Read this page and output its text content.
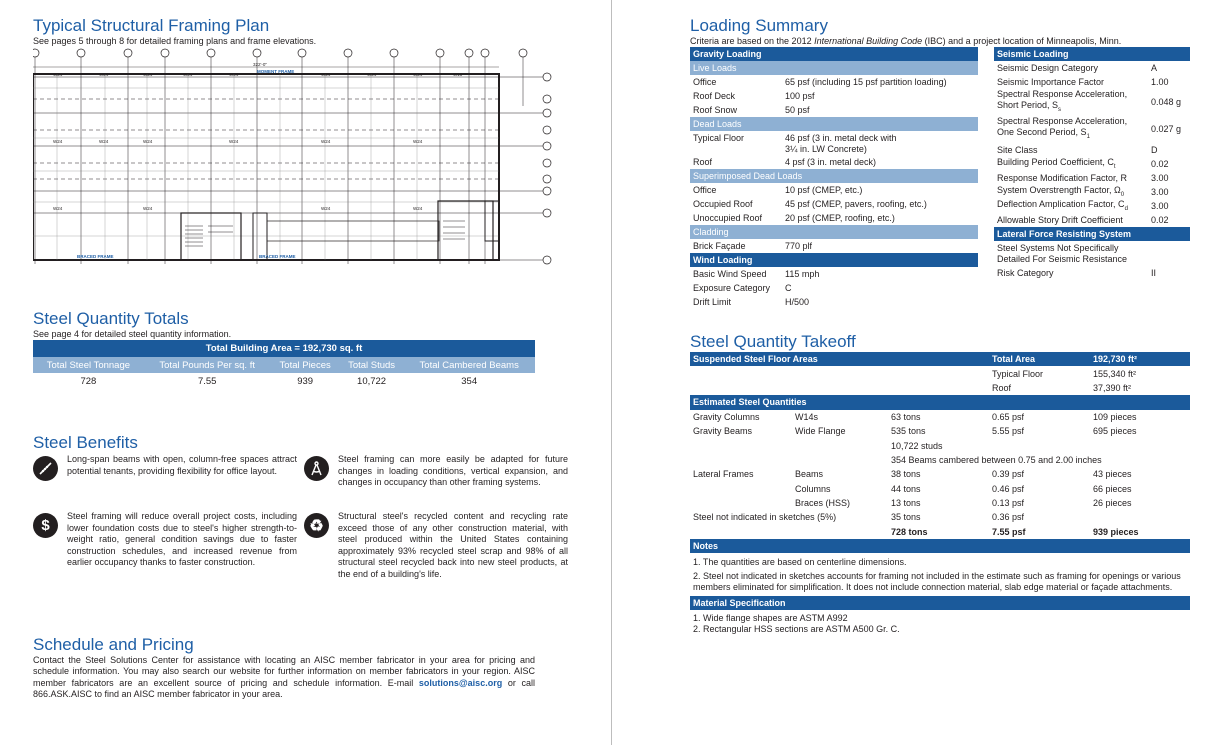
Typical Structural Framing Plan

See pages 5 through 8 for detailed framing plans and frame elevations.

322'-0"
MOMENT FRAME
BRACED FRAME	BRACED FRAME
W24	W24	W24	W24	W24	W24	W24	W24	W18
W24	W24	W24	W24	W24	W24
W24	W24	W24	W24
Steel Quantity Totals

See page 4 for detailed steel quantity information.

Total Building Area = 192,730 sq. ft				
Total Steel Tonnage	Total Pounds Per sq. ft	Total Pieces	Total Studs	Total Cambered Beams
728	7.55	939	10,722	354
Steel Benefits
Long-span beams with open, column-free spaces attract potential tenants, providing flexibility for office layout.
Steel framing can more easily be adapted for future changes in loading conditions, vertical expansion, and changes in occupancy than other framing systems.
$
Steel framing will reduce overall project costs, including lower foundation costs due to steel's higher strength-to-weight ratio, general condition savings due to faster construction schedules, and increased revenue from earlier occupancy thanks to faster construction.
♻
Structural steel's recycled content and recycling rate exceed those of any other construction material, with steel produced within the United States containing approximately 93% recycled steel scrap and 98% of all structural steel recycled back into new steel products, at the end of a building's life.
Schedule and Pricing
Contact the Steel Solutions Center for assistance with locating an AISC member fabricator in your area for pricing and schedule information. You may also search our website for further information on member fabricators in your region. AISC member fabricators are an excellent source of pricing and schedule information. E-mail solutions@aisc.org or call 866.ASK.AISC to find an AISC member fabricator in your area.
Loading Summary

Criteria are based on the 2012 International Building Code (IBC) and a project location of Minneapolis, Minn.

Gravity Loading	
Live Loads	
Office	65 psf (including 15 psf partition loading)
Roof Deck	100 psf
Roof Snow	50 psf
Dead Loads	
Typical Floor	46 psf (3 in. metal deck with
3¼ in. LW Concrete)

Roof	4 psf (3 in. metal deck)
Superimposed Dead Loads	
Office	10 psf (CMEP, etc.)
Occupied Roof	45 psf (CMEP, pavers, roofing, etc.)
Unoccupied Roof	20 psf (CMEP, roofing, etc.)
Cladding	
Brick Façade	770 plf
Wind Loading	
Basic Wind Speed	115 mph
Exposure Category	C
Drift Limit	H/500
Seismic Loading	
Seismic Design Category	A
Seismic Importance Factor	1.00

Spectral Response Acceleration,
Short Period, $S_s$	0.048 g

Spectral Response Acceleration,
One Second Period, $S_1$	0.027 g
Site Class	D
Building Period Coefficient, $C_t$	0.02
Response Modification Factor, R	3.00
System Overstrength Factor, $\Omega_0$	3.00
Deflection Amplication Factor, $C_d$	3.00
Allowable Story Drift Coefficient	0.02
Lateral Force Resisting System	

Steel Systems Not Specifically
Detailed For Seismic Resistance	

Risk Category	II
Steel Quantity Takeoff
Suspended Steel Floor Areas			Total Area	192,730 ft²
			Typical Floor	155,340 ft²
			Roof	37,390 ft²
Estimated Steel Quantities				
Gravity Columns	W14s	63 tons	0.65 psf	109 pieces
Gravity Beams	Wide Flange	535 tons	5.55 psf	695 pieces
		10,722 studs		
		354 Beams cambered between 0.75 and 2.00 inches		
Lateral Frames	Beams	38 tons	0.39 psf	43 pieces
	Columns	44 tons	0.46 psf	66 pieces
	Braces (HSS)	13 tons	0.13 psf	26 pieces
Steel not indicated in sketches (5%)		35 tons	0.36 psf	
		728 tons	7.55 psf	939 pieces
Notes				

1. The quantities are based on centerline dimensions.

2. Steel not indicated in sketches accounts for framing not included in the estimate such as framing for openings or various members eliminated for simplification. It does not include connection material, slab edge material or façade attachments.

Material Specification

1. Wide flange shapes are ASTM A992

2. Rectangular HSS sections are ASTM A500 Gr. C.
